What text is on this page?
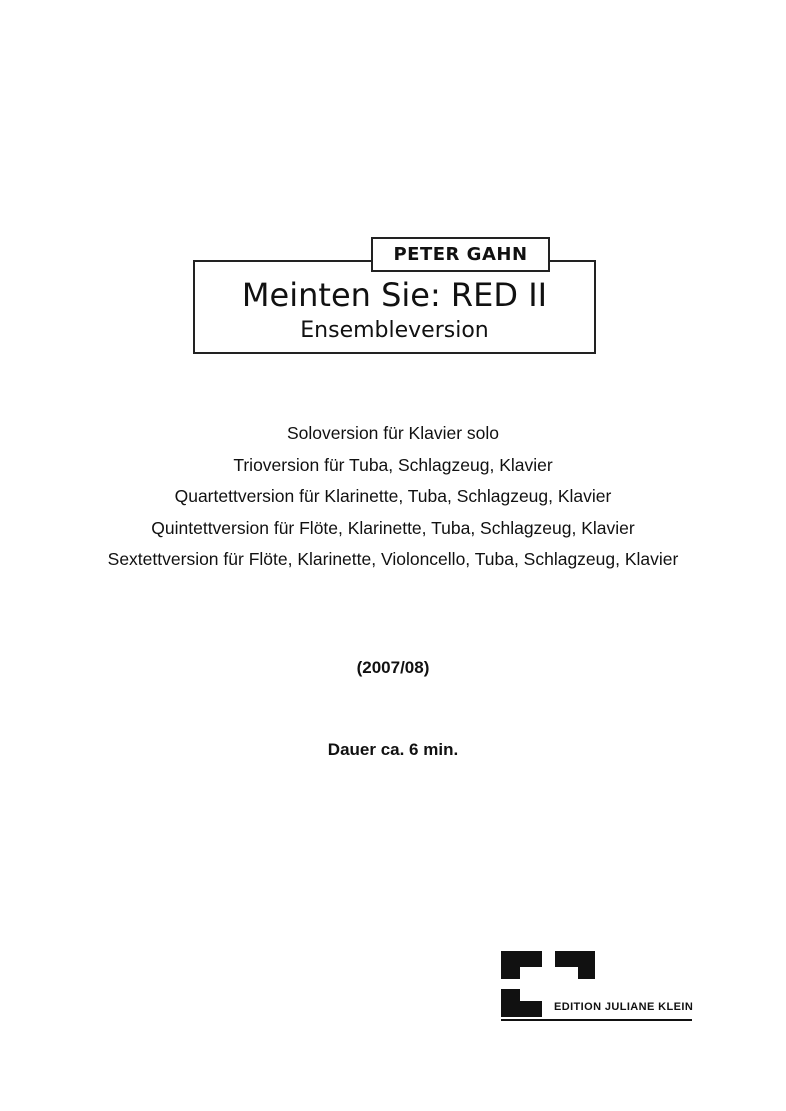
PETER GAHN
Meinten Sie: RED II
Ensembleversion
Soloversion für Klavier solo
Trioversion für Tuba, Schlagzeug, Klavier
Quartettversion für Klarinette, Tuba, Schlagzeug, Klavier
Quintettversion für Flöte, Klarinette, Tuba, Schlagzeug, Klavier
Sextettversion für Flöte, Klarinette, Violoncello, Tuba, Schlagzeug, Klavier
(2007/08)
Dauer ca. 6 min.
EDITION JULIANE KLEIN
